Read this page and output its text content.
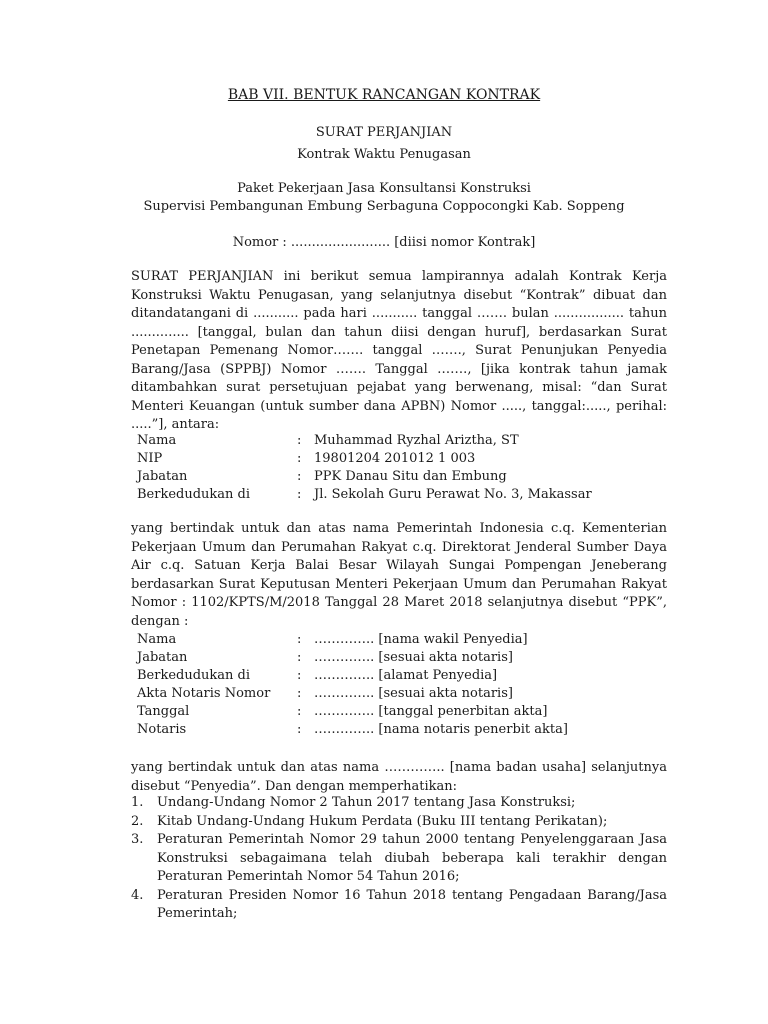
BAB VII. BENTUK RANCANGAN KONTRAK
SURAT PERJANJIAN
Kontrak Waktu Penugasan
Paket Pekerjaan Jasa Konsultansi Konstruksi
Supervisi Pembangunan Embung Serbaguna Coppocongki Kab. Soppeng
Nomor : ........................ [diisi nomor Kontrak]
SURAT PERJANJIAN ini berikut semua lampirannya adalah Kontrak Kerja Konstruksi Waktu Penugasan, yang selanjutnya disebut “Kontrak” dibuat dan ditandatangani di ........... pada hari ........... tanggal ……. bulan ................. tahun .............. [tanggal, bulan dan tahun diisi dengan huruf], berdasarkan Surat Penetapan Pemenang Nomor……. tanggal ……., Surat Penunjukan Penyedia Barang/Jasa (SPPBJ) Nomor ……. Tanggal ……., [jika kontrak tahun jamak ditambahkan surat persetujuan pejabat yang berwenang, misal: “dan Surat Menteri Keuangan (untuk sumber dana APBN) Nomor ....., tanggal:....., perihal: .....”], antara:
Nama	: Muhammad Ryzhal Ariztha, ST
NIP	: 19801204 201012 1 003
Jabatan	: PPK Danau Situ dan Embung
Berkedudukan di	: Jl. Sekolah Guru Perawat No. 3, Makassar
yang bertindak untuk dan atas nama Pemerintah Indonesia c.q. Kementerian Pekerjaan Umum dan Perumahan Rakyat c.q. Direktorat Jenderal Sumber Daya Air c.q. Satuan Kerja Balai Besar Wilayah Sungai Pompengan Jeneberang berdasarkan Surat Keputusan Menteri Pekerjaan Umum dan Perumahan Rakyat Nomor : 1102/KPTS/M/2018 Tanggal 28 Maret 2018 selanjutnya disebut “PPK”, dengan :
Nama	: ………….. [nama wakil Penyedia]
Jabatan	: ………….. [sesuai akta notaris]
Berkedudukan di	: ………….. [alamat Penyedia]
Akta Notaris Nomor : ………….. [sesuai akta notaris]
Tanggal	: ………….. [tanggal penerbitan akta]
Notaris	: ………….. [nama notaris penerbit akta]
yang bertindak untuk dan atas nama ………….. [nama badan usaha] selanjutnya disebut “Penyedia”. Dan dengan memperhatikan:

1. Undang-Undang Nomor 2 Tahun 2017 tentang Jasa Konstruksi;

2. Kitab Undang-Undang Hukum Perdata (Buku III tentang Perikatan);

3. Peraturan Pemerintah Nomor 29 tahun 2000 tentang Penyelenggaraan Jasa Konstruksi sebagaimana telah diubah beberapa kali terakhir dengan Peraturan Pemerintah Nomor 54 Tahun 2016;

4. Peraturan Presiden Nomor 16 Tahun 2018 tentang Pengadaan Barang/Jasa Pemerintah;
